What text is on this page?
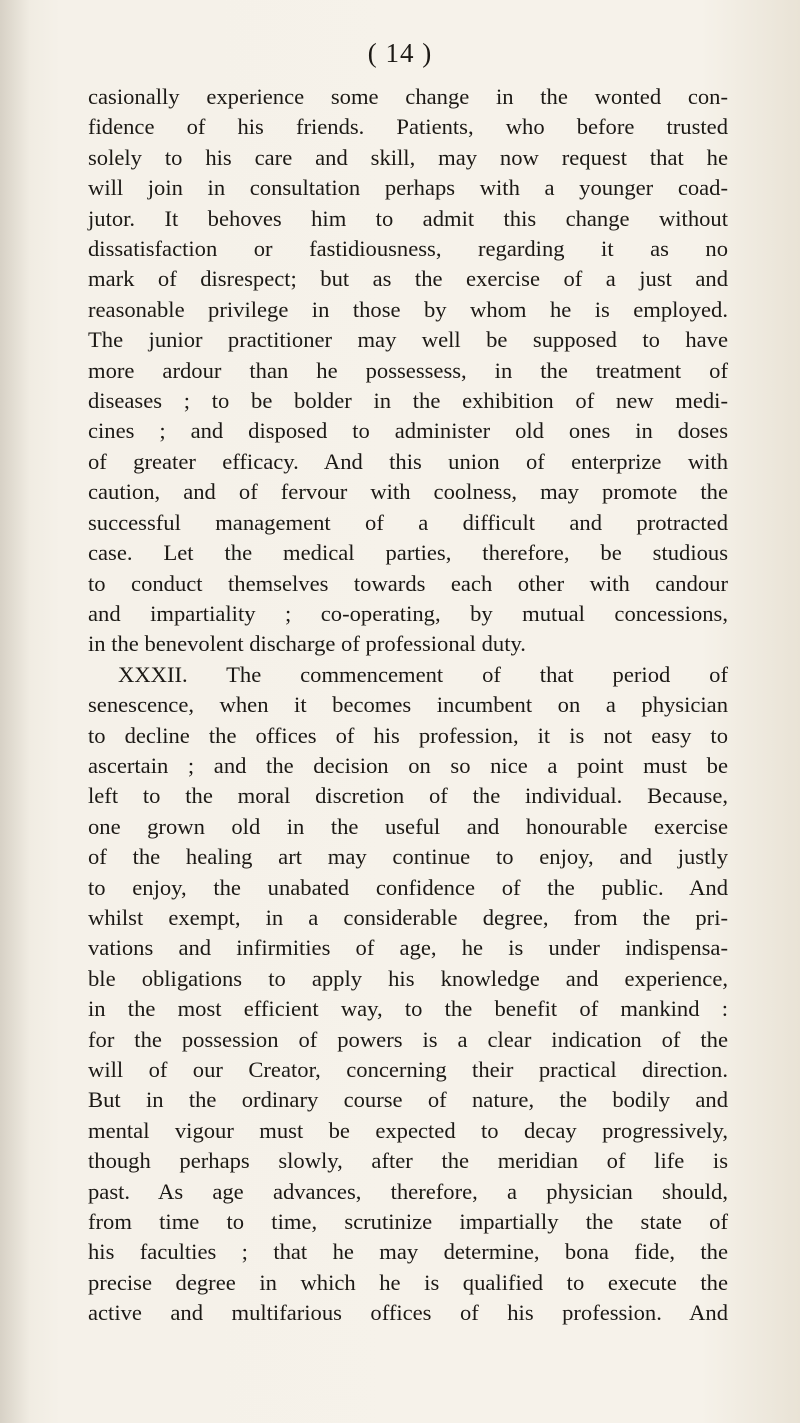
( 14 )
casionally experience some change in the wonted con-
fidence of his friends. Patients, who before trusted
solely to his care and skill, may now request that he
will join in consultation perhaps with a younger coad-
jutor. It behoves him to admit this change without
dissatisfaction or fastidiousness, regarding it as no
mark of disrespect; but as the exercise of a just and
reasonable privilege in those by whom he is employed.
The junior practitioner may well be supposed to have
more ardour than he possessess, in the treatment of
diseases ; to be bolder in the exhibition of new medi-
cines ; and disposed to administer old ones in doses
of greater efficacy. And this union of enterprize with
caution, and of fervour with coolness, may promote the
successful management of a difficult and protracted
case. Let the medical parties, therefore, be studious
to conduct themselves towards each other with candour
and impartiality ; co-operating, by mutual concessions,
in the benevolent discharge of professional duty.
XXXII. The commencement of that period of
senescence, when it becomes incumbent on a physician
to decline the offices of his profession, it is not easy to
ascertain ; and the decision on so nice a point must be
left to the moral discretion of the individual. Because,
one grown old in the useful and honourable exercise
of the healing art may continue to enjoy, and justly
to enjoy, the unabated confidence of the public. And
whilst exempt, in a considerable degree, from the pri-
vations and infirmities of age, he is under indispensa-
ble obligations to apply his knowledge and experience,
in the most efficient way, to the benefit of mankind :
for the possession of powers is a clear indication of the
will of our Creator, concerning their practical direction.
But in the ordinary course of nature, the bodily and
mental vigour must be expected to decay progressively,
though perhaps slowly, after the meridian of life is
past. As age advances, therefore, a physician should,
from time to time, scrutinize impartially the state of
his faculties ; that he may determine, bona fide, the
precise degree in which he is qualified to execute the
active and multifarious offices of his profession. And
